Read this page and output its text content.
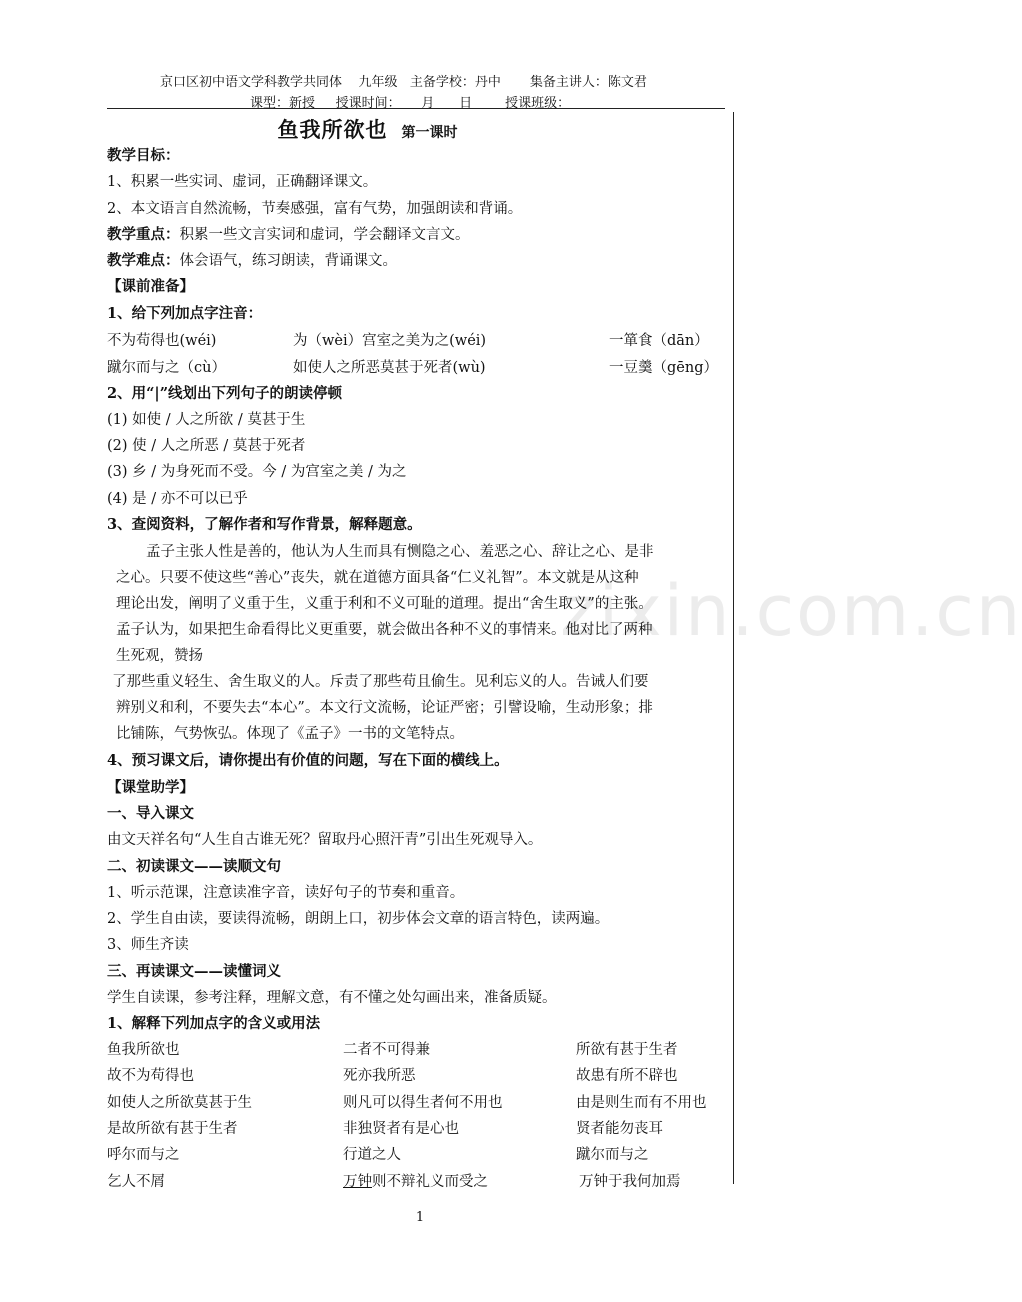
京口区初中语文学科教学共同体    九年级   主备学校：丹中       集备主讲人：陈文君
课型：新授     授课时间：     月      日        授课班级：
zixin.com.cn
鱼我所欲也 第一课时
教学目标：
1、积累一些实词、虚词，正确翻译课文。
2、本文语言自然流畅，节奏感强，富有气势，加强朗读和背诵。
教学重点：积累一些文言实词和虚词，学会翻译文言文。
教学难点：体会语气，练习朗读，背诵课文。
【课前准备】
1、给下列加点字注音：
不为苟得也(wéi)	为（wèi）宫室之美为之(wéi)	一箪食（dān）
蹴尔而与之（cù）	如使人之所恶莫甚于死者(wù)	一豆羹（gēng）
2、用“|”线划出下列句子的朗读停顿
(1) 如使 / 人之所欲 / 莫甚于生
(2) 使 / 人之所恶 / 莫甚于死者
(3) 乡 / 为身死而不受。今 / 为宫室之美 / 为之
(4) 是 / 亦不可以已乎
3、查阅资料，了解作者和写作背景，解释题意。
孟子主张人性是善的，他认为人生而具有恻隐之心、羞恶之心、辞让之心、是非
之心。只要不使这些“善心”丧失，就在道德方面具备“仁义礼智”。本文就是从这种
理论出发，阐明了义重于生，义重于利和不义可耻的道理。提出“舍生取义”的主张。
孟子认为，如果把生命看得比义更重要，就会做出各种不义的事情来。他对比了两种
生死观，赞扬
了那些重义轻生、舍生取义的人。斥责了那些苟且偷生。见利忘义的人。告诫人们要
辨别义和利，不要失去“本心”。本文行文流畅，论证严密；引譬设喻，生动形象；排
比铺陈，气势恢弘。体现了《孟子》一书的文笔特点。
4、预习课文后，请你提出有价值的问题，写在下面的横线上。
【课堂助学】
一、导入课文
由文天祥名句“人生自古谁无死？留取丹心照汗青”引出生死观导入。
二、初读课文——读顺文句
1、听示范课，注意读准字音，读好句子的节奏和重音。
2、学生自由读，要读得流畅，朗朗上口，初步体会文章的语言特色，读两遍。
3、师生齐读
三、再读课文——读懂词义
学生自读课，参考注释，理解文意，有不懂之处勾画出来，准备质疑。
1、解释下列加点字的含义或用法
鱼我所欲也	二者不可得兼	所欲有甚于生者
故不为苟得也	死亦我所恶	故患有所不辟也
如使人之所欲莫甚于生	则凡可以得生者何不用也	由是则生而有不用也
是故所欲有甚于生者	非独贤者有是心也	贤者能勿丧耳
呼尔而与之	行道之人	蹴尔而与之
乞人不屑	万钟则不辩礼义而受之	万钟于我何加焉
1
